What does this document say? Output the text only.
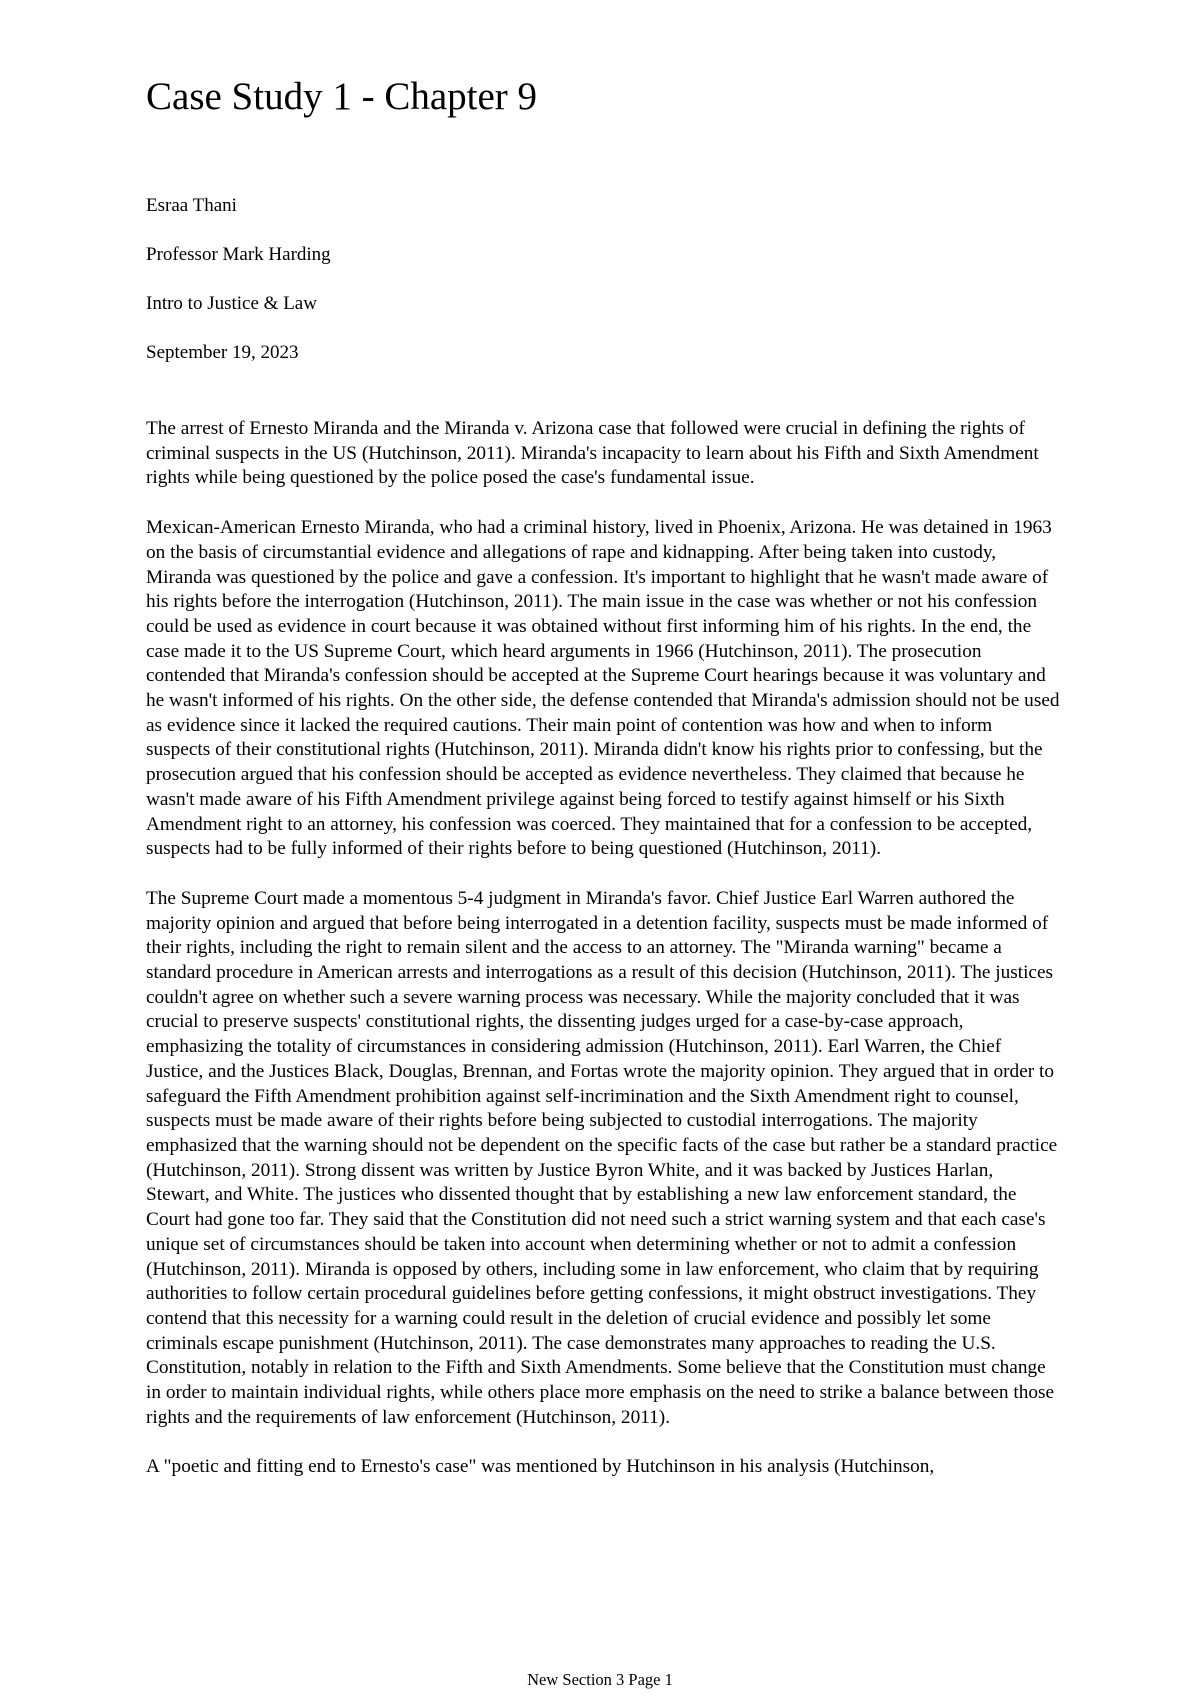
Case Study 1 - Chapter 9
Esraa Thani
Professor Mark Harding
Intro to Justice & Law
September 19, 2023

The arrest of Ernesto Miranda and the Miranda v. Arizona case that followed were crucial in defining the rights of criminal suspects in the US (Hutchinson, 2011). Miranda's incapacity to learn about his Fifth and Sixth Amendment rights while being questioned by the police posed the case's fundamental issue.

Mexican-American Ernesto Miranda, who had a criminal history, lived in Phoenix, Arizona. He was detained in 1963 on the basis of circumstantial evidence and allegations of rape and kidnapping. After being taken into custody, Miranda was questioned by the police and gave a confession. It's important to highlight that he wasn't made aware of his rights before the interrogation (Hutchinson, 2011). The main issue in the case was whether or not his confession could be used as evidence in court because it was obtained without first informing him of his rights. In the end, the case made it to the US Supreme Court, which heard arguments in 1966 (Hutchinson, 2011). The prosecution contended that Miranda's confession should be accepted at the Supreme Court hearings because it was voluntary and he wasn't informed of his rights. On the other side, the defense contended that Miranda's admission should not be used as evidence since it lacked the required cautions. Their main point of contention was how and when to inform suspects of their constitutional rights (Hutchinson, 2011). Miranda didn't know his rights prior to confessing, but the prosecution argued that his confession should be accepted as evidence nevertheless. They claimed that because he wasn't made aware of his Fifth Amendment privilege against being forced to testify against himself or his Sixth Amendment right to an attorney, his confession was coerced. They maintained that for a confession to be accepted, suspects had to be fully informed of their rights before to being questioned (Hutchinson, 2011).

The Supreme Court made a momentous 5-4 judgment in Miranda's favor. Chief Justice Earl Warren authored the majority opinion and argued that before being interrogated in a detention facility, suspects must be made informed of their rights, including the right to remain silent and the access to an attorney. The "Miranda warning" became a standard procedure in American arrests and interrogations as a result of this decision (Hutchinson, 2011). The justices couldn't agree on whether such a severe warning process was necessary. While the majority concluded that it was crucial to preserve suspects' constitutional rights, the dissenting judges urged for a case-by-case approach, emphasizing the totality of circumstances in considering admission (Hutchinson, 2011). Earl Warren, the Chief Justice, and the Justices Black, Douglas, Brennan, and Fortas wrote the majority opinion. They argued that in order to safeguard the Fifth Amendment prohibition against self-incrimination and the Sixth Amendment right to counsel, suspects must be made aware of their rights before being subjected to custodial interrogations. The majority emphasized that the warning should not be dependent on the specific facts of the case but rather be a standard practice (Hutchinson, 2011). Strong dissent was written by Justice Byron White, and it was backed by Justices Harlan, Stewart, and White. The justices who dissented thought that by establishing a new law enforcement standard, the Court had gone too far. They said that the Constitution did not need such a strict warning system and that each case's unique set of circumstances should be taken into account when determining whether or not to admit a confession (Hutchinson, 2011). Miranda is opposed by others, including some in law enforcement, who claim that by requiring authorities to follow certain procedural guidelines before getting confessions, it might obstruct investigations. They contend that this necessity for a warning could result in the deletion of crucial evidence and possibly let some criminals escape punishment (Hutchinson, 2011). The case demonstrates many approaches to reading the U.S. Constitution, notably in relation to the Fifth and Sixth Amendments. Some believe that the Constitution must change in order to maintain individual rights, while others place more emphasis on the need to strike a balance between those rights and the requirements of law enforcement (Hutchinson, 2011).

A "poetic and fitting end to Ernesto's case" was mentioned by Hutchinson in his analysis (Hutchinson,

New Section 3 Page 1
